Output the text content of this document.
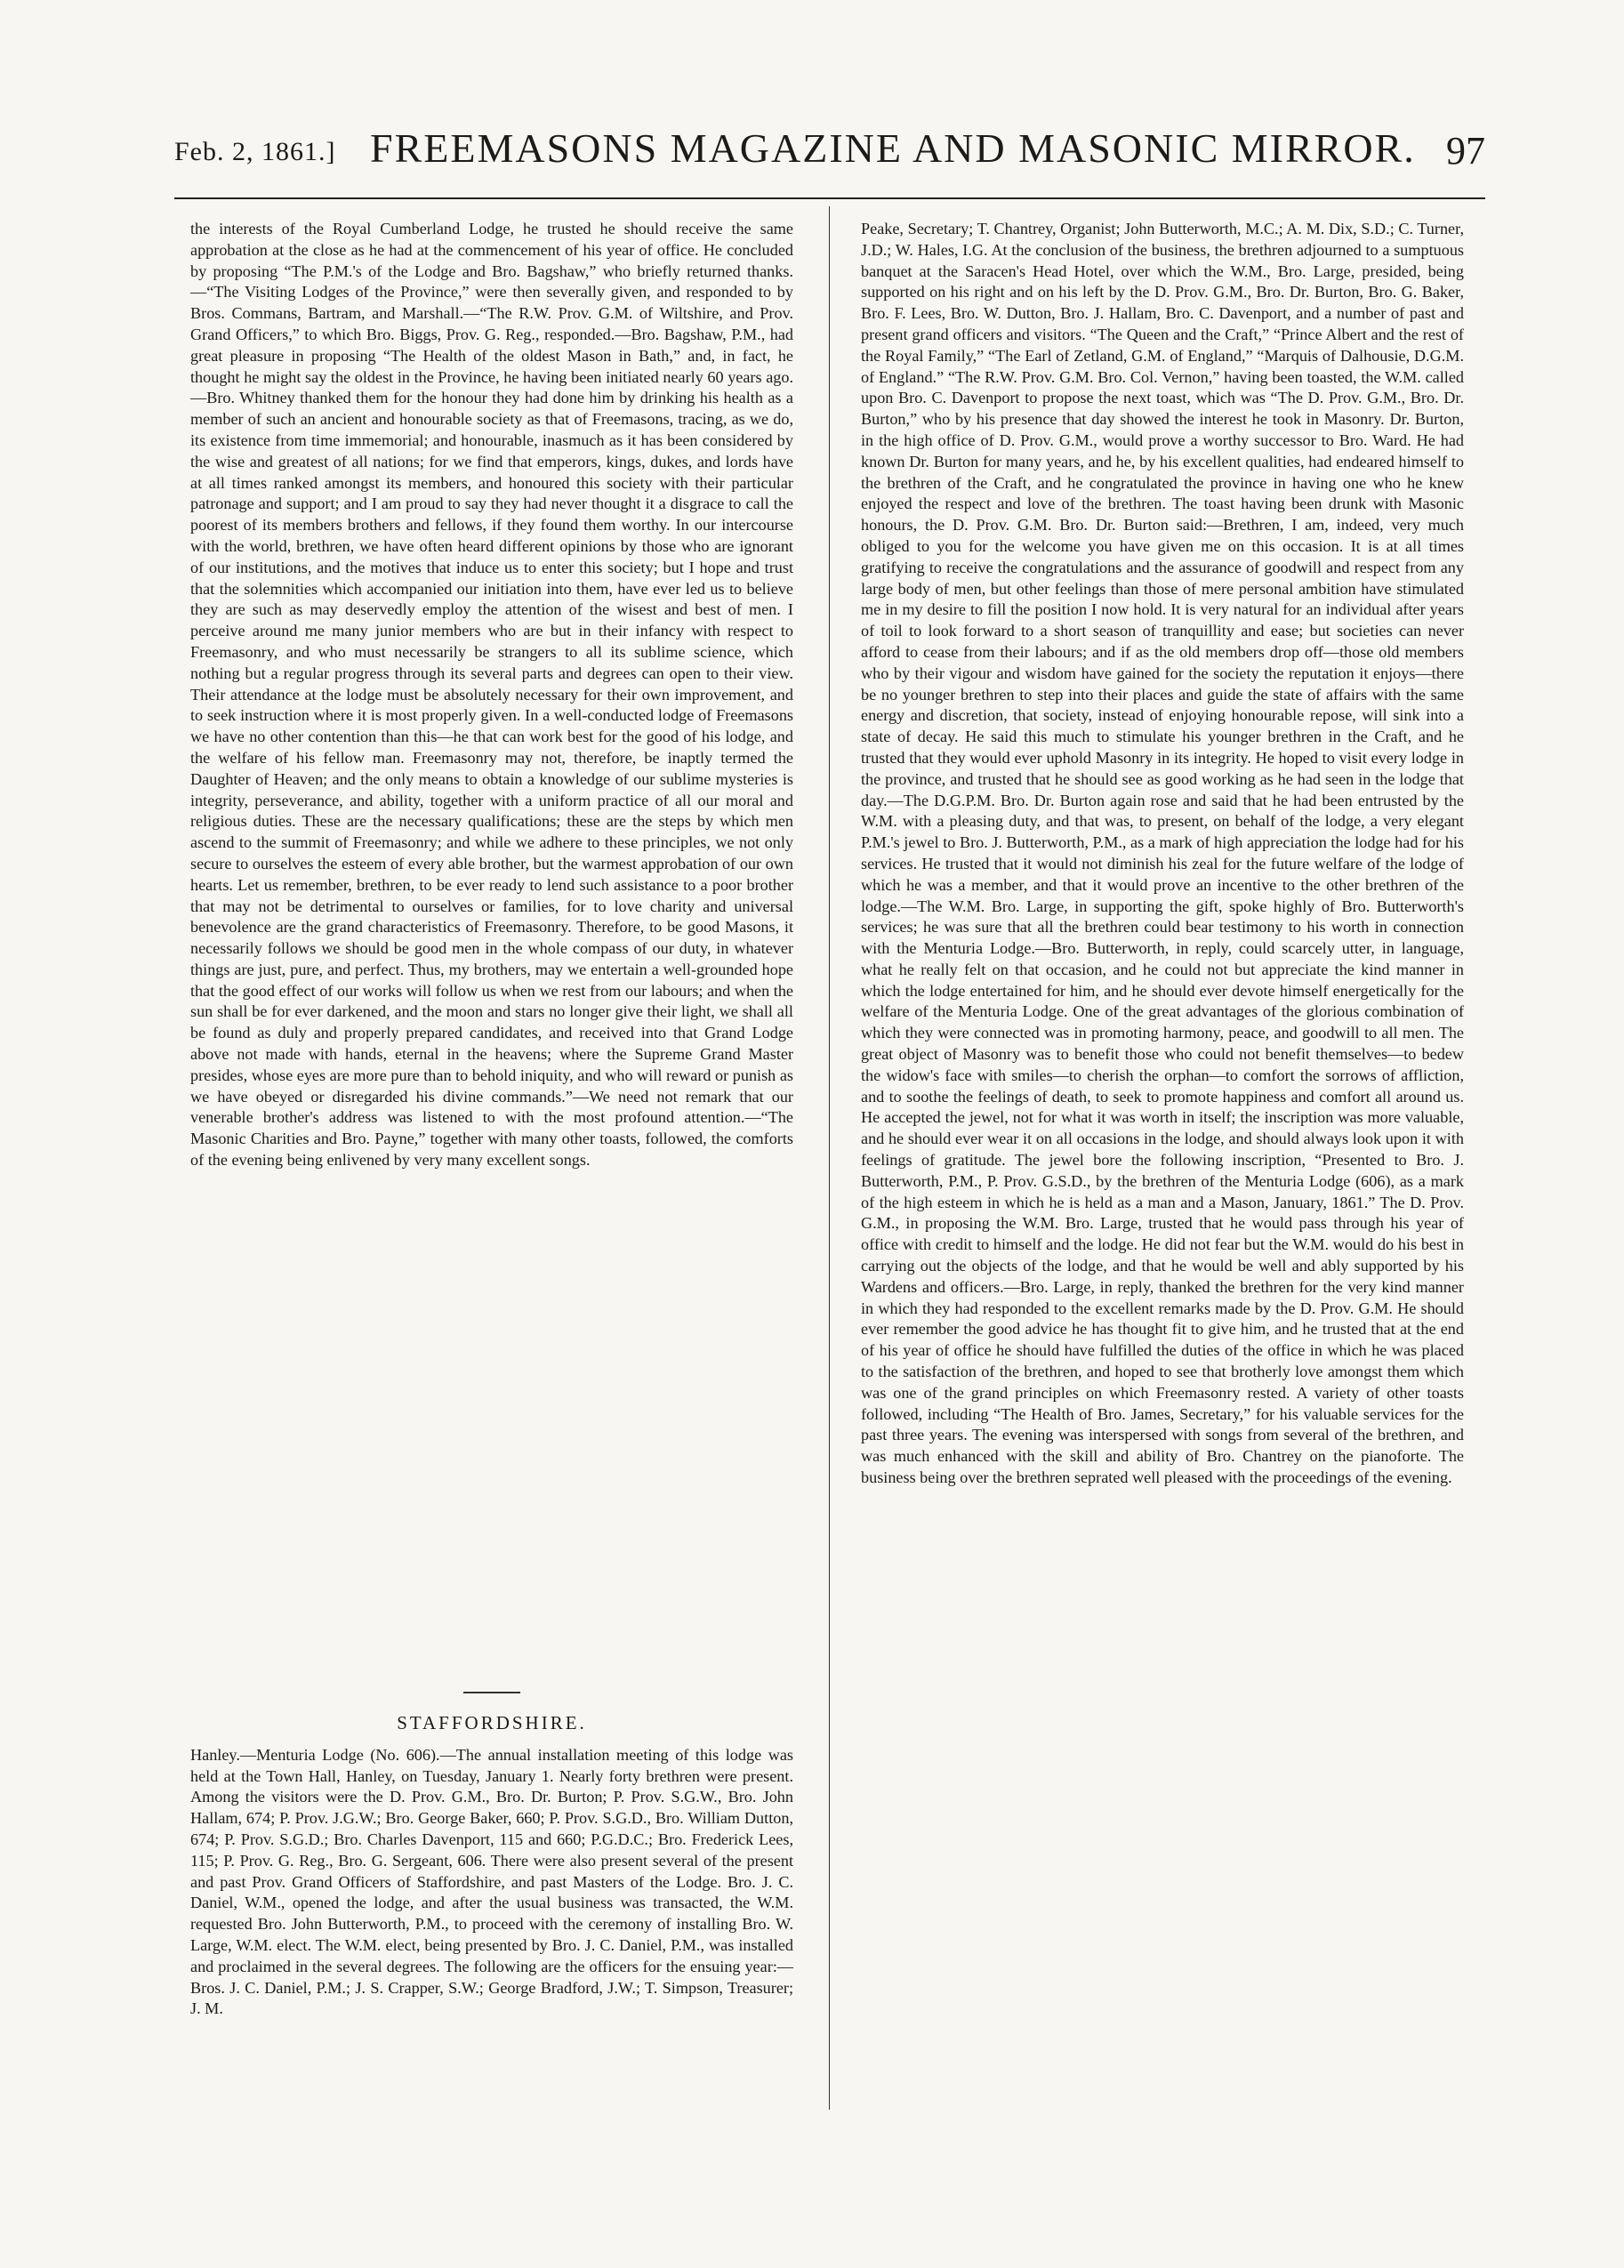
Feb. 2, 1861.] FREEMASONS MAGAZINE AND MASONIC MIRROR. 97

the interests of the Royal Cumberland Lodge, he trusted he should receive the same approbation at the close as he had at the commencement of his year of office. He concluded by proposing “The P.M.'s of the Lodge and Bro. Bagshaw,” who briefly returned thanks.—“The Visiting Lodges of the Province,” were then severally given, and responded to by Bros. Commans, Bartram, and Marshall.—“The R.W. Prov. G.M. of Wiltshire, and Prov. Grand Officers,” to which Bro. Biggs, Prov. G. Reg., responded.—Bro. Bagshaw, P.M., had great pleasure in proposing “The Health of the oldest Mason in Bath,” and, in fact, he thought he might say the oldest in the Province, he having been initiated nearly 60 years ago.—Bro. Whitney thanked them for the honour they had done him by drinking his health as a member of such an ancient and honourable society as that of Freemasons, tracing, as we do, its existence from time immemorial; and honourable, inasmuch as it has been considered by the wise and greatest of all nations; for we find that emperors, kings, dukes, and lords have at all times ranked amongst its members, and honoured this society with their particular patronage and support; and I am proud to say they had never thought it a disgrace to call the poorest of its members brothers and fellows, if they found them worthy. In our intercourse with the world, brethren, we have often heard different opinions by those who are ignorant of our institutions, and the motives that induce us to enter this society; but I hope and trust that the solemnities which accompanied our initiation into them, have ever led us to believe they are such as may deservedly employ the attention of the wisest and best of men. I perceive around me many junior members who are but in their infancy with respect to Freemasonry, and who must necessarily be strangers to all its sublime science, which nothing but a regular progress through its several parts and degrees can open to their view. Their attendance at the lodge must be absolutely necessary for their own improvement, and to seek instruction where it is most properly given. In a well-conducted lodge of Freemasons we have no other contention than this—he that can work best for the good of his lodge, and the welfare of his fellow man. Freemasonry may not, therefore, be inaptly termed the Daughter of Heaven; and the only means to obtain a knowledge of our sublime mysteries is integrity, perseverance, and ability, together with a uniform practice of all our moral and religious duties. These are the necessary qualifications; these are the steps by which men ascend to the summit of Freemasonry; and while we adhere to these principles, we not only secure to ourselves the esteem of every able brother, but the warmest approbation of our own hearts. Let us remember, brethren, to be ever ready to lend such assistance to a poor brother that may not be detrimental to ourselves or families, for to love charity and universal benevolence are the grand characteristics of Freemasonry. Therefore, to be good Masons, it necessarily follows we should be good men in the whole compass of our duty, in whatever things are just, pure, and perfect. Thus, my brothers, may we entertain a well-grounded hope that the good effect of our works will follow us when we rest from our labours; and when the sun shall be for ever darkened, and the moon and stars no longer give their light, we shall all be found as duly and properly prepared candidates, and received into that Grand Lodge above not made with hands, eternal in the heavens; where the Supreme Grand Master presides, whose eyes are more pure than to behold iniquity, and who will reward or punish as we have obeyed or disregarded his divine commands.”—We need not remark that our venerable brother's address was listened to with the most profound attention.—“The Masonic Charities and Bro. Payne,” together with many other toasts, followed, the comforts of the evening being enlivened by very many excellent songs.

STAFFORDSHIRE.

Hanley.—Menturia Lodge (No. 606).—The annual installation meeting of this lodge was held at the Town Hall, Hanley, on Tuesday, January 1. Nearly forty brethren were present. Among the visitors were the D. Prov. G.M., Bro. Dr. Burton; P. Prov. S.G.W., Bro. John Hallam, 674; P. Prov. J.G.W.; Bro. George Baker, 660; P. Prov. S.G.D., Bro. William Dutton, 674; P. Prov. S.G.D.; Bro. Charles Davenport, 115 and 660; P.G.D.C.; Bro. Frederick Lees, 115; P. Prov. G. Reg., Bro. G. Sergeant, 606. There were also present several of the present and past Prov. Grand Officers of Staffordshire, and past Masters of the Lodge. Bro. J. C. Daniel, W.M., opened the lodge, and after the usual business was transacted, the W.M. requested Bro. John Butterworth, P.M., to proceed with the ceremony of installing Bro. W. Large, W.M. elect. The W.M. elect, being presented by Bro. J. C. Daniel, P.M., was installed and proclaimed in the several degrees. The following are the officers for the ensuing year:—Bros. J. C. Daniel, P.M.; J. S. Crapper, S.W.; George Bradford, J.W.; T. Simpson, Treasurer; J. M.

Peake, Secretary; T. Chantrey, Organist; John Butterworth, M.C.; A. M. Dix, S.D.; C. Turner, J.D.; W. Hales, I.G. At the conclusion of the business, the brethren adjourned to a sumptuous banquet at the Saracen's Head Hotel, over which the W.M., Bro. Large, presided, being supported on his right and on his left by the D. Prov. G.M., Bro. Dr. Burton, Bro. G. Baker, Bro. F. Lees, Bro. W. Dutton, Bro. J. Hallam, Bro. C. Davenport, and a number of past and present grand officers and visitors. “The Queen and the Craft,” “Prince Albert and the rest of the Royal Family,” “The Earl of Zetland, G.M. of England,” “Marquis of Dalhousie, D.G.M. of England.” “The R.W. Prov. G.M. Bro. Col. Vernon,” having been toasted, the W.M. called upon Bro. C. Davenport to propose the next toast, which was “The D. Prov. G.M., Bro. Dr. Burton,” who by his presence that day showed the interest he took in Masonry. Dr. Burton, in the high office of D. Prov. G.M., would prove a worthy successor to Bro. Ward. He had known Dr. Burton for many years, and he, by his excellent qualities, had endeared himself to the brethren of the Craft, and he congratulated the province in having one who he knew enjoyed the respect and love of the brethren. The toast having been drunk with Masonic honours, the D. Prov. G.M. Bro. Dr. Burton said:—Brethren, I am, indeed, very much obliged to you for the welcome you have given me on this occasion. It is at all times gratifying to receive the congratulations and the assurance of goodwill and respect from any large body of men, but other feelings than those of mere personal ambition have stimulated me in my desire to fill the position I now hold. It is very natural for an individual after years of toil to look forward to a short season of tranquillity and ease; but societies can never afford to cease from their labours; and if as the old members drop off—those old members who by their vigour and wisdom have gained for the society the reputation it enjoys—there be no younger brethren to step into their places and guide the state of affairs with the same energy and discretion, that society, instead of enjoying honourable repose, will sink into a state of decay. He said this much to stimulate his younger brethren in the Craft, and he trusted that they would ever uphold Masonry in its integrity. He hoped to visit every lodge in the province, and trusted that he should see as good working as he had seen in the lodge that day.—The D.G.P.M. Bro. Dr. Burton again rose and said that he had been entrusted by the W.M. with a pleasing duty, and that was, to present, on behalf of the lodge, a very elegant P.M.'s jewel to Bro. J. Butterworth, P.M., as a mark of high appreciation the lodge had for his services. He trusted that it would not diminish his zeal for the future welfare of the lodge of which he was a member, and that it would prove an incentive to the other brethren of the lodge.—The W.M. Bro. Large, in supporting the gift, spoke highly of Bro. Butterworth's services; he was sure that all the brethren could bear testimony to his worth in connection with the Menturia Lodge.—Bro. Butterworth, in reply, could scarcely utter, in language, what he really felt on that occasion, and he could not but appreciate the kind manner in which the lodge entertained for him, and he should ever devote himself energetically for the welfare of the Menturia Lodge. One of the great advantages of the glorious combination of which they were connected was in promoting harmony, peace, and goodwill to all men. The great object of Masonry was to benefit those who could not benefit themselves—to bedew the widow's face with smiles—to cherish the orphan—to comfort the sorrows of affliction, and to soothe the feelings of death, to seek to promote happiness and comfort all around us. He accepted the jewel, not for what it was worth in itself; the inscription was more valuable, and he should ever wear it on all occasions in the lodge, and should always look upon it with feelings of gratitude. The jewel bore the following inscription, “Presented to Bro. J. Butterworth, P.M., P. Prov. G.S.D., by the brethren of the Menturia Lodge (606), as a mark of the high esteem in which he is held as a man and a Mason, January, 1861.” The D. Prov. G.M., in proposing the W.M. Bro. Large, trusted that he would pass through his year of office with credit to himself and the lodge. He did not fear but the W.M. would do his best in carrying out the objects of the lodge, and that he would be well and ably supported by his Wardens and officers.—Bro. Large, in reply, thanked the brethren for the very kind manner in which they had responded to the excellent remarks made by the D. Prov. G.M. He should ever remember the good advice he has thought fit to give him, and he trusted that at the end of his year of office he should have fulfilled the duties of the office in which he was placed to the satisfaction of the brethren, and hoped to see that brotherly love amongst them which was one of the grand principles on which Freemasonry rested. A variety of other toasts followed, including “The Health of Bro. James, Secretary,” for his valuable services for the past three years. The evening was interspersed with songs from several of the brethren, and was much enhanced with the skill and ability of Bro. Chantrey on the pianoforte. The business being over the brethren seprated well pleased with the proceedings of the evening.
